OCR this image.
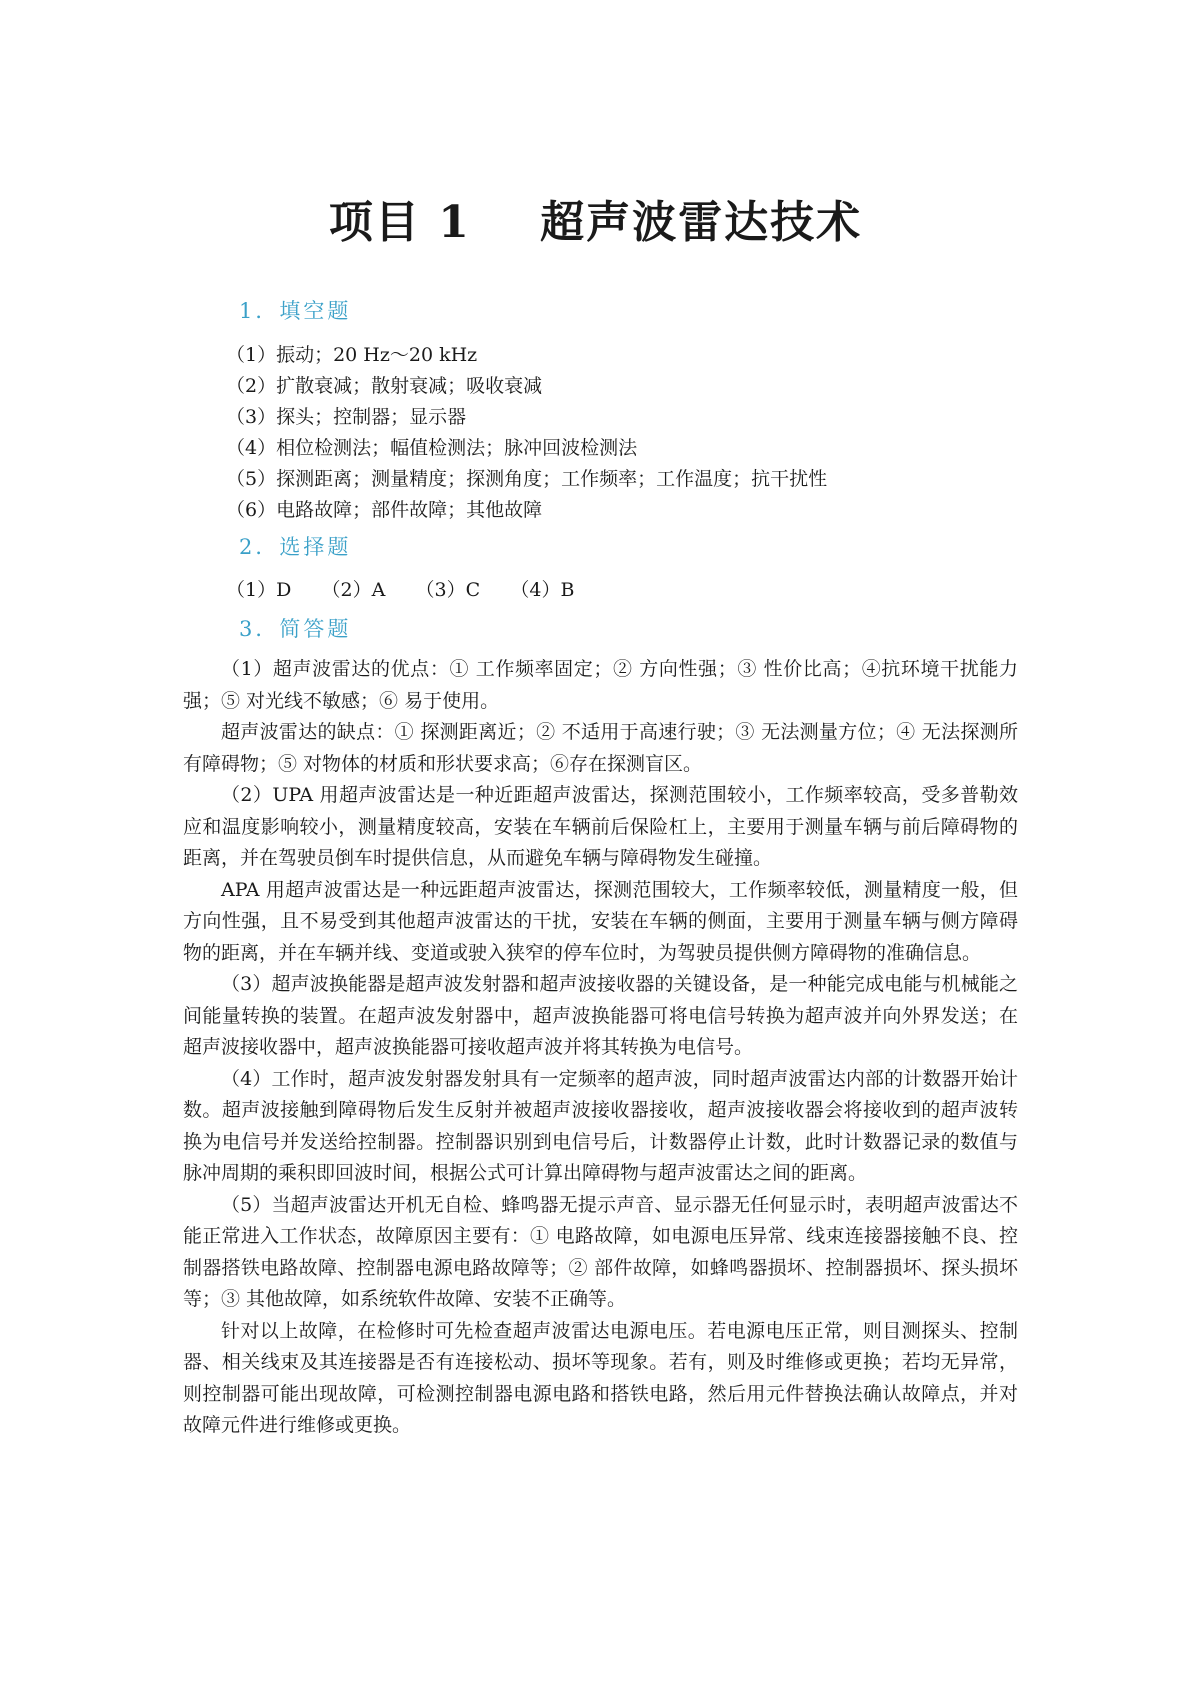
项目 1    超声波雷达技术
1．填空题
（1）振动；20 Hz～20 kHz
（2）扩散衰减；散射衰减；吸收衰减
（3）探头；控制器；显示器
（4）相位检测法；幅值检测法；脉冲回波检测法
（5）探测距离；测量精度；探测角度；工作频率；工作温度；抗干扰性
（6）电路故障；部件故障；其他故障
2．选择题
（1）D     （2）A     （3）C     （4）B
3．简答题

（1）超声波雷达的优点：① 工作频率固定；② 方向性强；③ 性价比高；④抗环境干扰能力强；⑤ 对光线不敏感；⑥ 易于使用。

超声波雷达的缺点：① 探测距离近；② 不适用于高速行驶；③ 无法测量方位；④ 无法探测所有障碍物；⑤ 对物体的材质和形状要求高；⑥存在探测盲区。

（2）UPA 用超声波雷达是一种近距超声波雷达，探测范围较小，工作频率较高，受多普勒效应和温度影响较小，测量精度较高，安装在车辆前后保险杠上，主要用于测量车辆与前后障碍物的距离，并在驾驶员倒车时提供信息，从而避免车辆与障碍物发生碰撞。

APA 用超声波雷达是一种远距超声波雷达，探测范围较大，工作频率较低，测量精度一般，但方向性强，且不易受到其他超声波雷达的干扰，安装在车辆的侧面，主要用于测量车辆与侧方障碍物的距离，并在车辆并线、变道或驶入狭窄的停车位时，为驾驶员提供侧方障碍物的准确信息。

（3）超声波换能器是超声波发射器和超声波接收器的关键设备，是一种能完成电能与机械能之间能量转换的装置。在超声波发射器中，超声波换能器可将电信号转换为超声波并向外界发送；在超声波接收器中，超声波换能器可接收超声波并将其转换为电信号。

（4）工作时，超声波发射器发射具有一定频率的超声波，同时超声波雷达内部的计数器开始计数。超声波接触到障碍物后发生反射并被超声波接收器接收，超声波接收器会将接收到的超声波转换为电信号并发送给控制器。控制器识别到电信号后，计数器停止计数，此时计数器记录的数值与脉冲周期的乘积即回波时间，根据公式可计算出障碍物与超声波雷达之间的距离。

（5）当超声波雷达开机无自检、蜂鸣器无提示声音、显示器无任何显示时，表明超声波雷达不能正常进入工作状态，故障原因主要有：① 电路故障，如电源电压异常、线束连接器接触不良、控制器搭铁电路故障、控制器电源电路故障等；② 部件故障，如蜂鸣器损坏、控制器损坏、探头损坏等；③ 其他故障，如系统软件故障、安装不正确等。

针对以上故障，在检修时可先检查超声波雷达电源电压。若电源电压正常，则目测探头、控制器、相关线束及其连接器是否有连接松动、损坏等现象。若有，则及时维修或更换；若均无异常，则控制器可能出现故障，可检测控制器电源电路和搭铁电路，然后用元件替换法确认故障点，并对故障元件进行维修或更换。
